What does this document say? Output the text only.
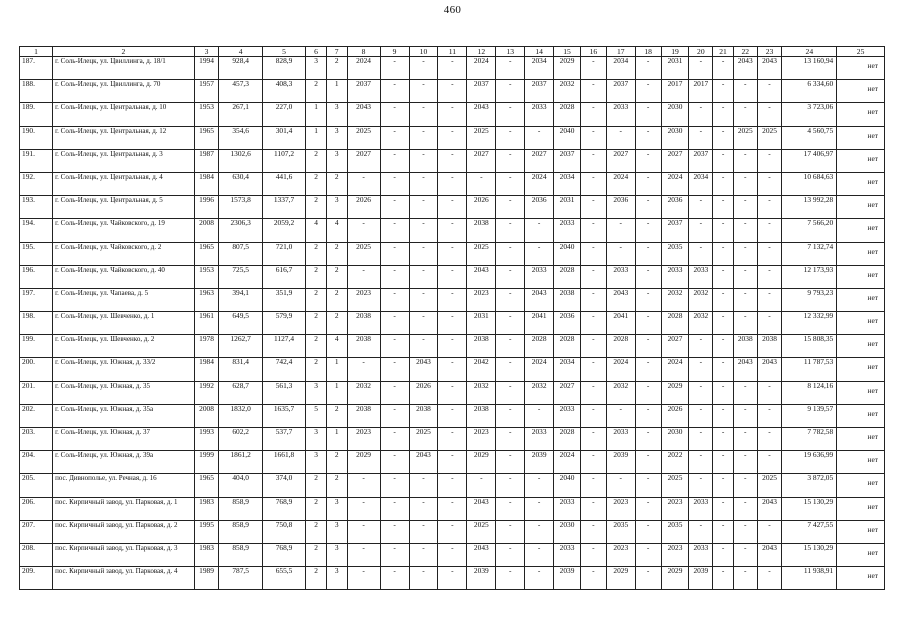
460
1	2	3	4	5	6	7	8	9	10	11	12	13	14	15	16	17	18	19	20	21	22	23	24	25
187.	г. Соль-Илецк, ул. Цвиллинга, д. 18/1	1994	928,4	828,9	3	2	2024	-	-	-	2024	-	2034	2029	-	2034	-	2031	-	-	2043	2043	13 160,94	нет
188.	г. Соль-Илецк, ул. Цвиллинга, д. 70	1957	457,3	408,3	2	1	2037	-	-	-	2037	-	2037	2032	-	2037	-	2017	2017	-	-	-	6 334,60	нет
189.	г. Соль-Илецк, ул. Центральная, д. 10	1953	267,1	227,0	1	3	2043	-	-	-	2043	-	2033	2028	-	2033	-	2030	-	-	-	-	3 723,06	нет
190.	г. Соль-Илецк, ул. Центральная, д. 12	1965	354,6	301,4	1	3	2025	-	-	-	2025	-	-	2040	-	-	-	2030	-	-	2025	2025	4 560,75	нет
191.	г. Соль-Илецк, ул. Центральная, д. 3	1987	1302,6	1107,2	2	3	2027	-	-	-	2027	-	2027	2037	-	2027	-	2027	2037	-	-	-	17 406,97	нет
192.	г. Соль-Илецк, ул. Центральная, д. 4	1984	630,4	441,6	2	2	-	-	-	-	-	-	2024	2034	-	2024	-	2024	2034	-	-	-	10 684,63	нет
193.	г. Соль-Илецк, ул. Центральная, д. 5	1996	1573,8	1337,7	2	3	2026	-	-	-	2026	-	2036	2031	-	2036	-	2036	-	-	-	-	13 992,28	нет
194.	г. Соль-Илецк, ул. Чайковского, д. 19	2008	2306,3	2059,2	4	4	-	-	-	-	2038	-	-	2033	-	-	-	2037	-	-	-	-	7 566,20	нет
195.	г. Соль-Илецк, ул. Чайковского, д. 2	1965	807,5	721,0	2	2	2025	-	-	-	2025	-	-	2040	-	-	-	2035	-	-	-	-	7 132,74	нет
196.	г. Соль-Илецк, ул. Чайковского, д. 40	1953	725,5	616,7	2	2	-	-	-	-	2043	-	2033	2028	-	2033	-	2033	2033	-	-	-	12 173,93	нет
197.	г. Соль-Илецк, ул. Чапаева, д. 5	1963	394,1	351,9	2	2	2023	-	-	-	2023	-	2043	2038	-	2043	-	2032	2032	-	-	-	9 793,23	нет
198.	г. Соль-Илецк, ул. Шевченко, д. 1	1961	649,5	579,9	2	2	2038	-	-	-	2031	-	2041	2036	-	2041	-	2028	2032	-	-	-	12 332,99	нет
199.	г. Соль-Илецк, ул. Шевченко, д. 2	1978	1262,7	1127,4	2	4	2038	-	-	-	2038	-	2028	2028	-	2028	-	2027	-	-	2038	2038	15 808,35	нет
200.	г. Соль-Илецк, ул. Южная, д. 33/2	1984	831,4	742,4	2	1	-	-	2043	-	2042	-	2024	2034	-	2024	-	2024	-	-	2043	2043	11 787,53	нет
201.	г. Соль-Илецк, ул. Южная, д. 35	1992	628,7	561,3	3	1	2032	-	2026	-	2032	-	2032	2027	-	2032	-	2029	-	-	-	-	8 124,16	нет
202.	г. Соль-Илецк, ул. Южная, д. 35а	2008	1832,0	1635,7	5	2	2038	-	2038	-	2038	-	-	2033	-	-	-	2026	-	-	-	-	9 139,57	нет
203.	г. Соль-Илецк, ул. Южная, д. 37	1993	602,2	537,7	3	1	2023	-	2025	-	2023	-	2033	2028	-	2033	-	2030	-	-	-	-	7 782,58	нет
204.	г. Соль-Илецк, ул. Южная, д. 39а	1999	1861,2	1661,8	3	2	2029	-	2043	-	2029	-	2039	2024	-	2039	-	2022	-	-	-	-	19 636,99	нет
205.	пос. Дивнополье, ул. Речная, д. 16	1965	404,0	374,0	2	2	-	-	-	-	-	-	-	2040	-	-	-	2025	-	-	-	2025	3 872,05	нет
206.	пос. Кирпичный завод, ул. Парковая, д. 1	1983	858,9	768,9	2	3	-	-	-	-	2043	-	-	2033	-	2023	-	2023	2033	-	-	2043	15 130,29	нет
207.	пос. Кирпичный завод, ул. Парковая, д. 2	1995	858,9	750,8	2	3	-	-	-	-	2025	-	-	2030	-	2035	-	2035	-	-	-	-	7 427,55	нет
208.	пос. Кирпичный завод, ул. Парковая, д. 3	1983	858,9	768,9	2	3	-	-	-	-	2043	-	-	2033	-	2023	-	2023	2033	-	-	2043	15 130,29	нет
209.	пос. Кирпичный завод, ул. Парковая, д. 4	1989	787,5	655,5	2	3	-	-	-	-	2039	-	-	2039	-	2029	-	2029	2039	-	-	-	11 938,91	нет
